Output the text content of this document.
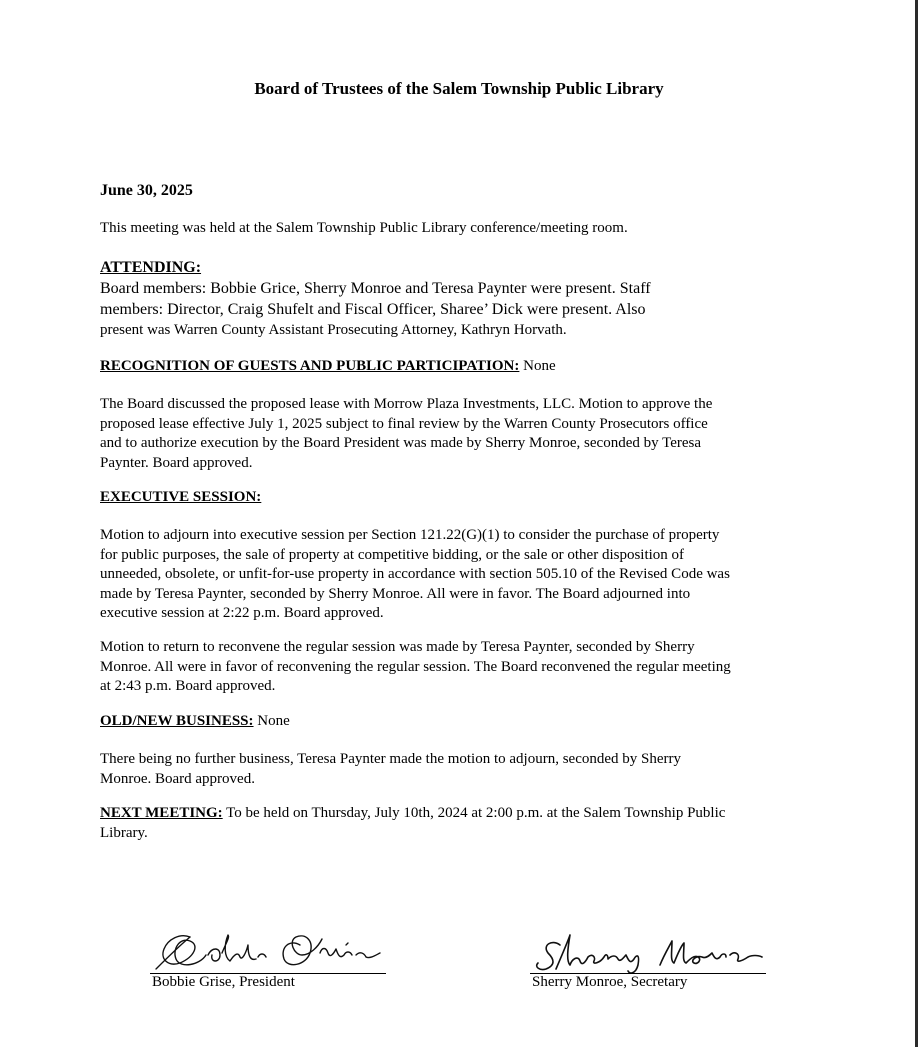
Board of Trustees of the Salem Township Public Library
June 30, 2025
This meeting was held at the Salem Township Public Library conference/meeting room.
ATTENDING:
Board members: Bobbie Grice, Sherry Monroe and Teresa Paynter were present. Staff
members: Director, Craig Shufelt and Fiscal Officer, Sharee’ Dick were present. Also
present was Warren County Assistant Prosecuting Attorney, Kathryn Horvath.
RECOGNITION OF GUESTS AND PUBLIC PARTICIPATION: None
The Board discussed the proposed lease with Morrow Plaza Investments, LLC. Motion to approve the
proposed lease effective July 1, 2025 subject to final review by the Warren County Prosecutors office
and to authorize execution by the Board President was made by Sherry Monroe, seconded by Teresa
Paynter. Board approved.
EXECUTIVE SESSION:
Motion to adjourn into executive session per Section 121.22(G)(1) to consider the purchase of property
for public purposes, the sale of property at competitive bidding, or the sale or other disposition of
unneeded, obsolete, or unfit-for-use property in accordance with section 505.10 of the Revised Code was
made by Teresa Paynter, seconded by Sherry Monroe. All were in favor. The Board adjourned into
executive session at 2:22 p.m. Board approved.
Motion to return to reconvene the regular session was made by Teresa Paynter, seconded by Sherry
Monroe. All were in favor of reconvening the regular session. The Board reconvened the regular meeting
at 2:43 p.m. Board approved.
OLD/NEW BUSINESS: None
There being no further business, Teresa Paynter made the motion to adjourn, seconded by Sherry
Monroe. Board approved.
NEXT MEETING: To be held on Thursday, July 10th, 2024 at 2:00 p.m. at the Salem Township Public
Library.
Bobbie Grise, President	Sherry Monroe, Secretary
